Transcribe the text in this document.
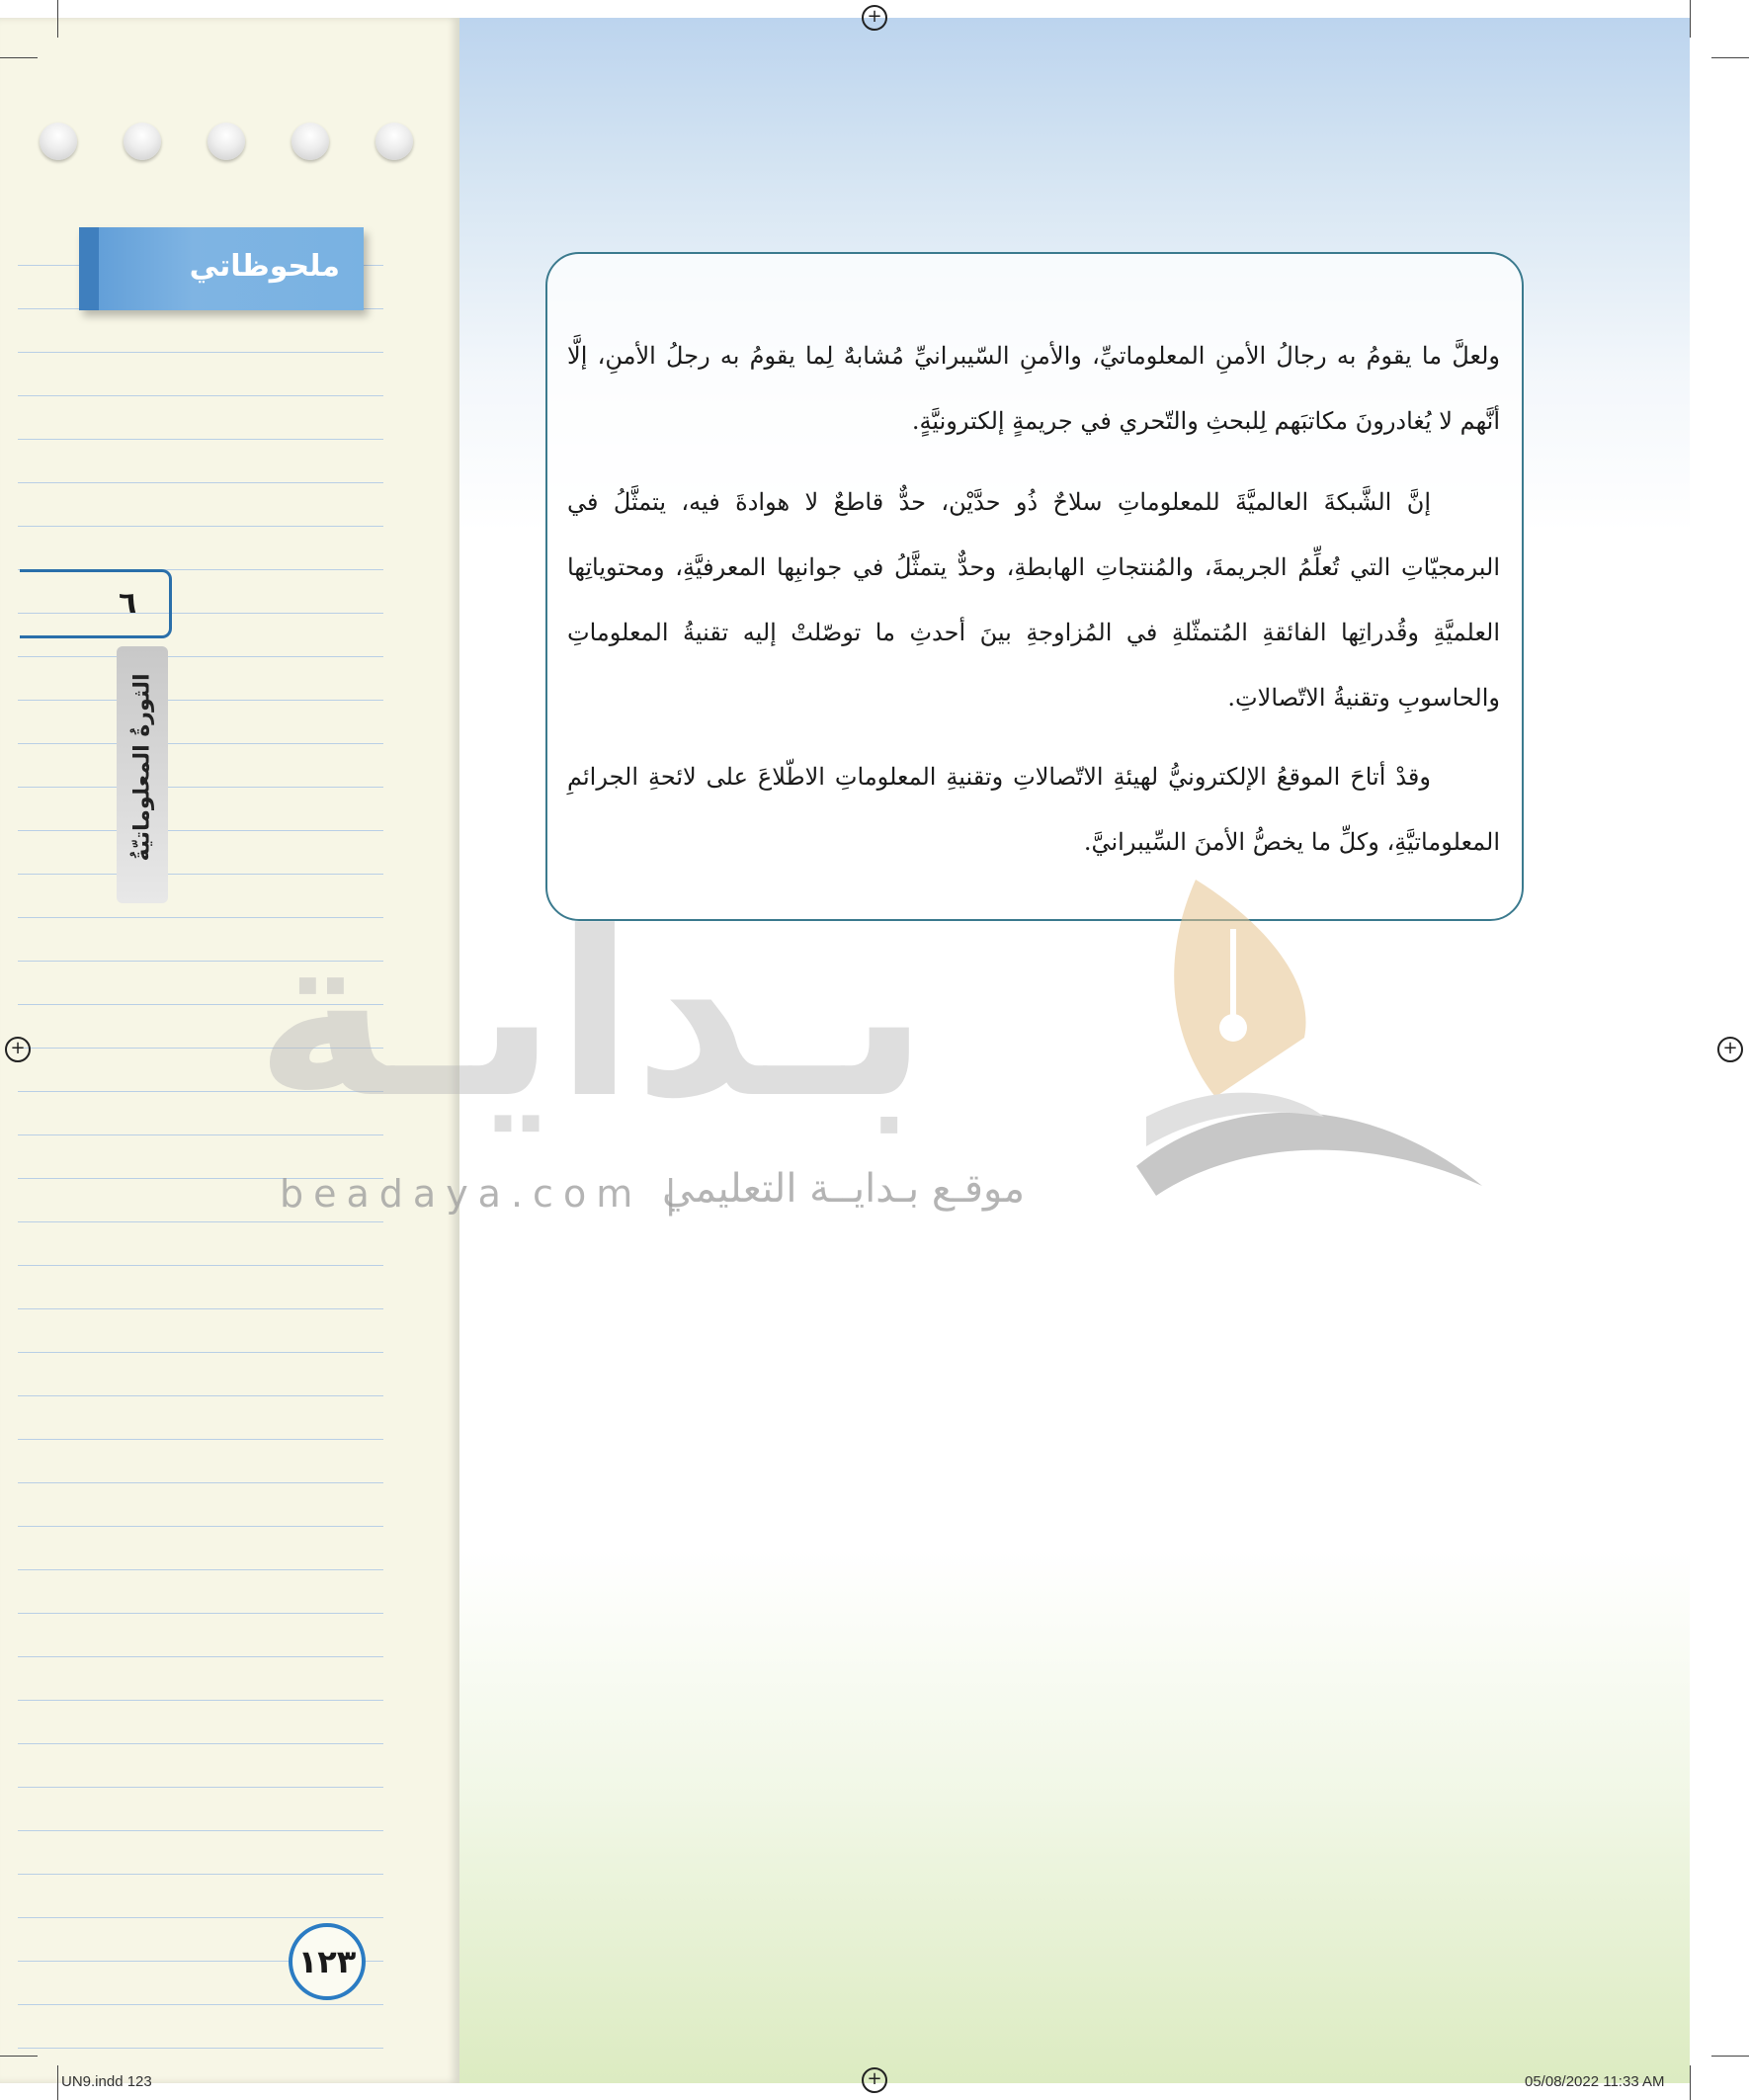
ملحوظاتي
٦
الثورةُ المعلوماتيّةُ
١٢٣
ولعلَّ ما يقومُ به رجالُ الأمنِ المعلوماتيِّ، والأمنِ السّيبرانيِّ مُشابهٌ لِما يقومُ به رجلُ الأمنِ، إلَّا أنَّهم لا يُغادرونَ مكاتبَهم لِلبحثِ والتّحري في جريمةٍ إلكترونيَّةٍ.
إنَّ الشَّبكةَ العالميَّةَ للمعلوماتِ سلاحٌ ذُو حدَّيْن، حدٌّ قاطعٌ لا هوادةَ فيه، يتمثَّلُ في البرمجيّاتِ التي تُعلِّمُ الجريمةَ، والمُنتجاتِ الهابطةِ، وحدٌّ يتمثَّلُ في جوانبِها المعرفيَّةِ، ومحتوياتِها العلميَّةِ وقُدراتِها الفائقةِ المُتمثّلةِ في المُزاوجةِ بينَ أحدثِ ما توصّلتْ إليه تقنيةُ المعلوماتِ والحاسوبِ وتقنيةُ الاتّصالاتِ.
وقدْ أتاحَ الموقعُ الإلكترونيُّ لهيئةِ الاتّصالاتِ وتقنيةِ المعلوماتِ الاطّلاعَ على لائحةِ الجرائمِ المعلوماتيَّةِ، وكلِّ ما يخصُّ الأمنَ السِّيبرانيَّ.
بـدايـة
beadaya.com |
موقـع بـدايــة التعليمي
+
+	+
+
UN9.indd 123	05/08/2022 11:33 AM
